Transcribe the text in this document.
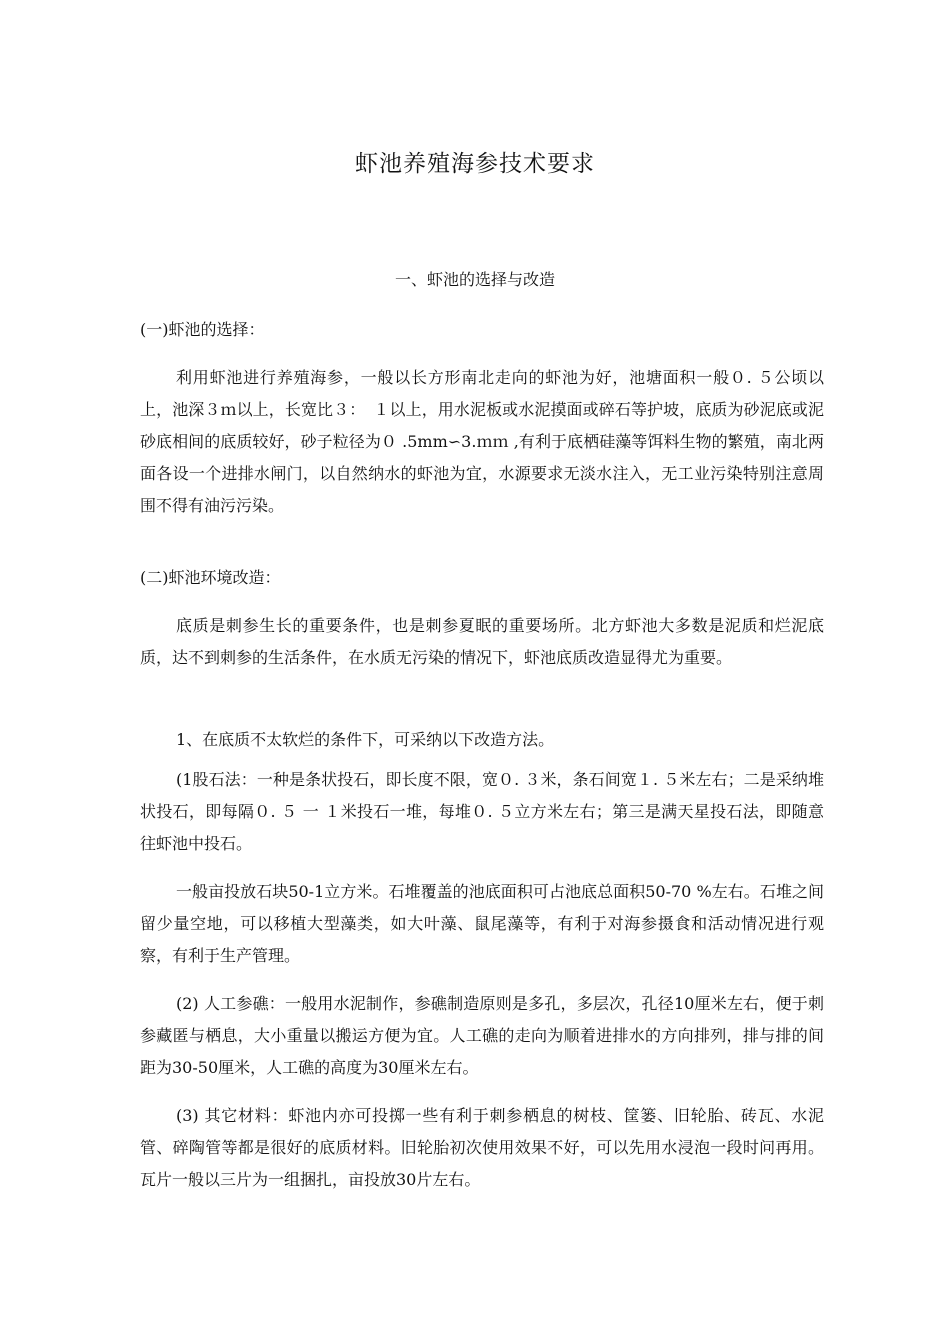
虾池养殖海参技术要求
一、虾池的选择与改造
(一)虾池的选择：
利用虾池进行养殖海参，一般以长方形南北走向的虾池为好，池塘面积一般０. ５公顷以上，池深３ｍ以上，长宽比３：　１以上，用水泥板或水泥摸面或碎石等护坡，底质为砂泥底或泥砂底相间的底质较好，砂子粒径为０ .5mm∽3.ｍｍ ,有利于底栖硅藻等饵料生物的繁殖，南北两面各设一个进排水闸门，以自然纳水的虾池为宜，水源要求无淡水注入，无工业污染特别注意周围不得有油污污染。
(二)虾池环境改造：
底质是刺参生长的重要条件，也是刺参夏眠的重要场所。北方虾池大多数是泥质和烂泥底质，达不到刺参的生活条件，在水质无污染的情况下，虾池底质改造显得尤为重要。
1、在底质不太软烂的条件下，可采纳以下改造方法。
(1股石法：一种是条状投石，即长度不限，宽０. ３米，条石间宽１. ５米左右；二是采纳堆状投石，即每隔０. ５ 一 １米投石一堆，每堆０. ５立方米左右；第三是满天星投石法，即随意往虾池中投石。
一般亩投放石块50-1立方米。石堆覆盖的池底面积可占池底总面积50-70 %左右。石堆之间留少量空地，可以移植大型藻类，如大叶藻、鼠尾藻等，有利于对海参摄食和活动情况进行观察，有利于生产管理。
(2) 人工参礁：一般用水泥制作，参礁制造原则是多孔，多层次，孔径10厘米左右，便于刺参藏匿与栖息，大小重量以搬运方便为宜。人工礁的走向为顺着进排水的方向排列，排与排的间距为30-50厘米，人工礁的高度为30厘米左右。
(3) 其它材料：虾池内亦可投掷一些有利于刺参栖息的树枝、筐篓、旧轮胎、砖瓦、水泥管、碎陶管等都是很好的底质材料。旧轮胎初次使用效果不好，可以先用水浸泡一段时问再用。瓦片一般以三片为一组捆扎，亩投放30片左右。
